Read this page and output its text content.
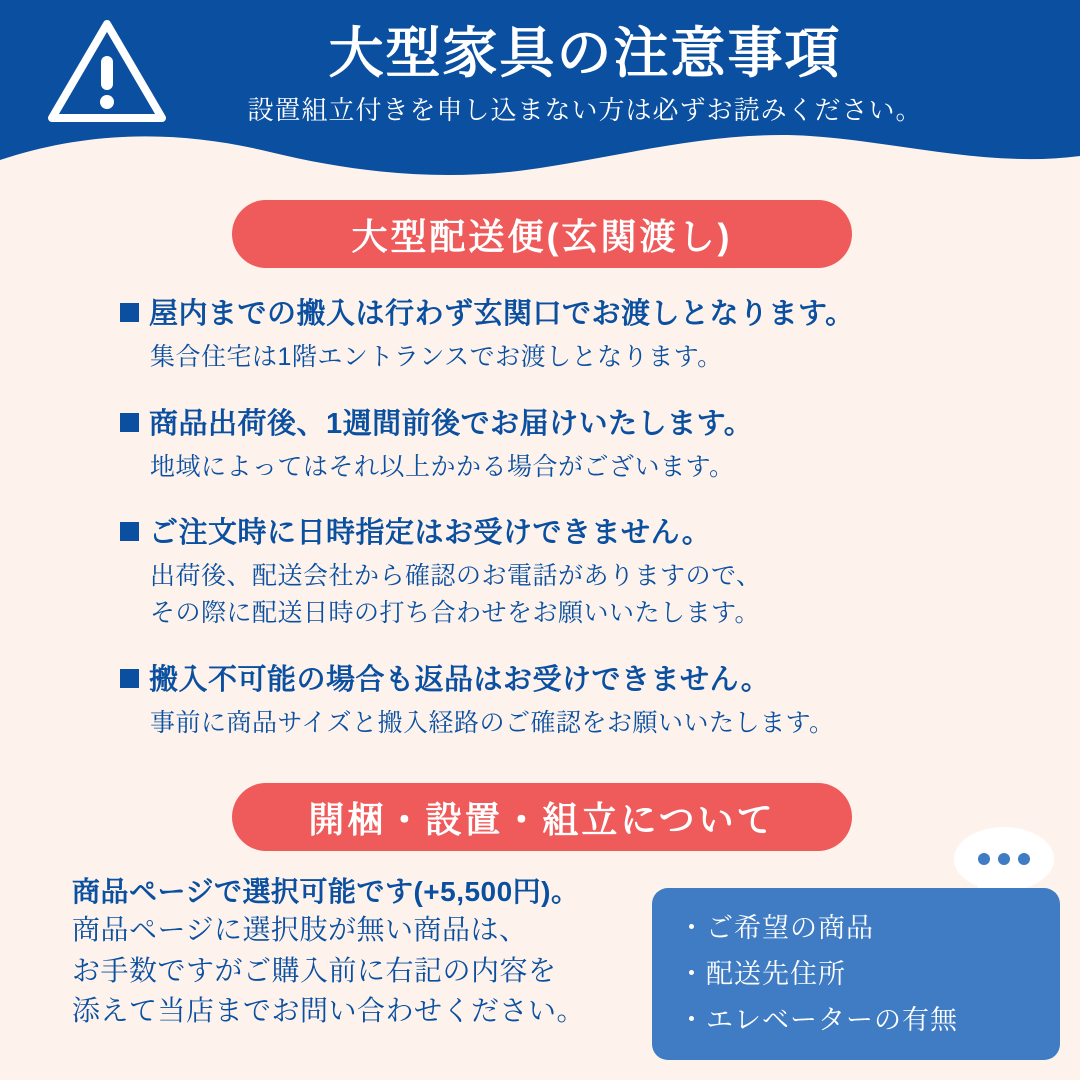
大型家具の注意事項
設置組立付きを申し込まない方は必ずお読みください。
大型配送便(玄関渡し)
屋内までの搬入は行わず玄関口でお渡しとなります。
集合住宅は1階エントランスでお渡しとなります。
商品出荷後、1週間前後でお届けいたします。
地域によってはそれ以上かかる場合がございます。
ご注文時に日時指定はお受けできません。
出荷後、配送会社から確認のお電話がありますので、
その際に配送日時の打ち合わせをお願いいたします。
搬入不可能の場合も返品はお受けできません。
事前に商品サイズと搬入経路のご確認をお願いいたします。
開梱・設置・組立について
商品ページで選択可能です(+5,500円)。
商品ページに選択肢が無い商品は、
お手数ですがご購入前に右記の内容を
添えて当店までお問い合わせください。
・ご希望の商品
・配送先住所
・エレベーターの有無
